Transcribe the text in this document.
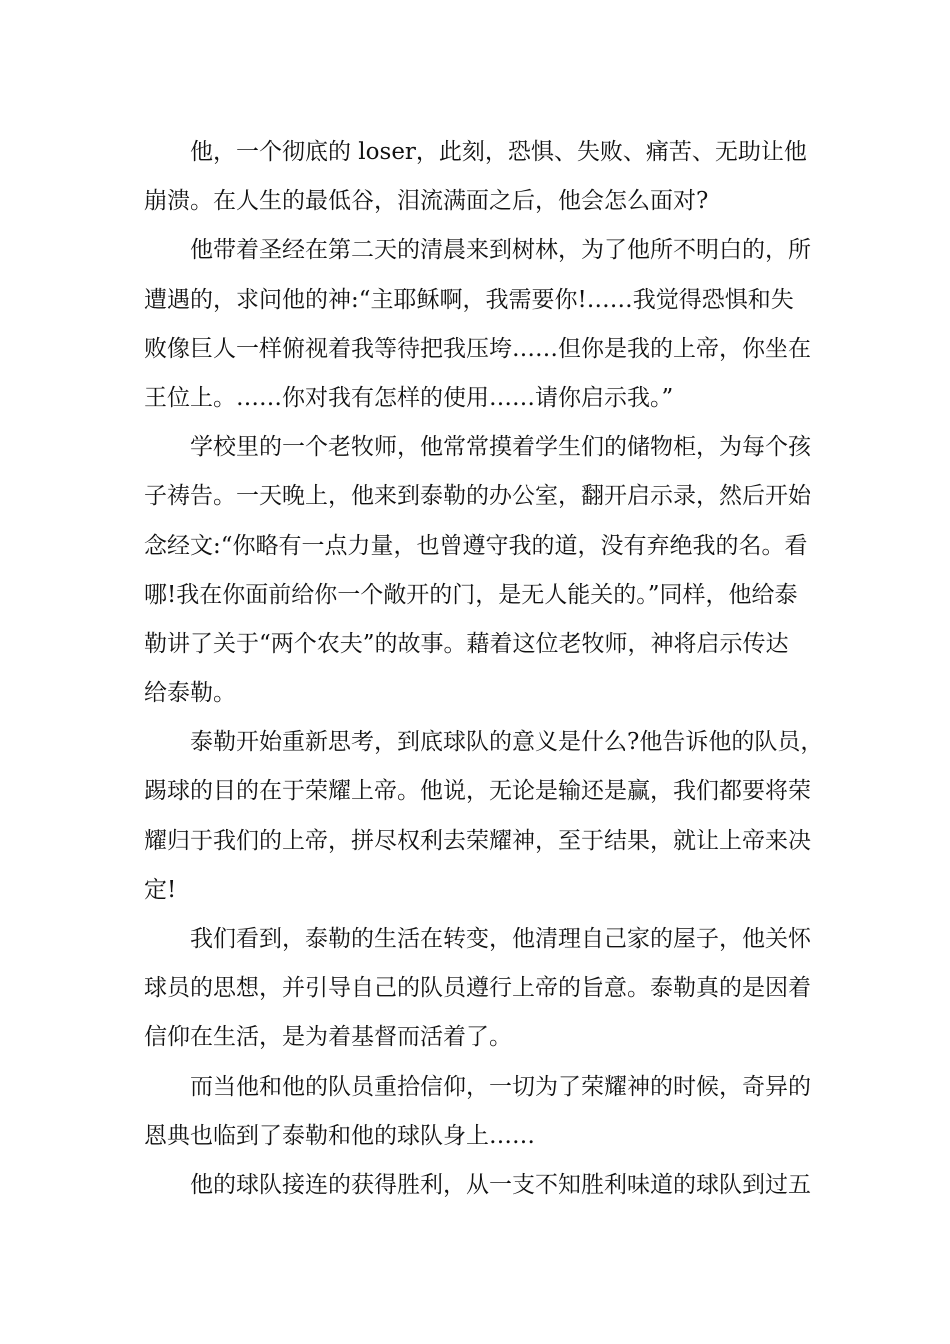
他，一个彻底的 loser，此刻，恐惧、失败、痛苦、无助让他
崩溃。在人生的最低谷，泪流满面之后，他会怎么面对?
他带着圣经在第二天的清晨来到树林，为了他所不明白的，所
遭遇的，求问他的神:“主耶稣啊，我需要你!……我觉得恐惧和失
败像巨人一样俯视着我等待把我压垮……但你是我的上帝，你坐在
王位上。……你对我有怎样的使用……请你启示我。”
学校里的一个老牧师，他常常摸着学生们的储物柜，为每个孩
子祷告。一天晚上，他来到泰勒的办公室，翻开启示录，然后开始
念经文:“你略有一点力量，也曾遵守我的道，没有弃绝我的名。看
哪!我在你面前给你一个敞开的门，是无人能关的。”同样，他给泰
勒讲了关于“两个农夫”的故事。藉着这位老牧师，神将启示传达
给泰勒。
泰勒开始重新思考，到底球队的意义是什么?他告诉他的队员，
踢球的目的在于荣耀上帝。他说，无论是输还是赢，我们都要将荣
耀归于我们的上帝，拼尽权利去荣耀神，至于结果，就让上帝来决
定!
我们看到，泰勒的生活在转变，他清理自己家的屋子，他关怀
球员的思想，并引导自己的队员遵行上帝的旨意。泰勒真的是因着
信仰在生活，是为着基督而活着了。
而当他和他的队员重拾信仰，一切为了荣耀神的时候，奇异的
恩典也临到了泰勒和他的球队身上……
他的球队接连的获得胜利，从一支不知胜利味道的球队到过五
